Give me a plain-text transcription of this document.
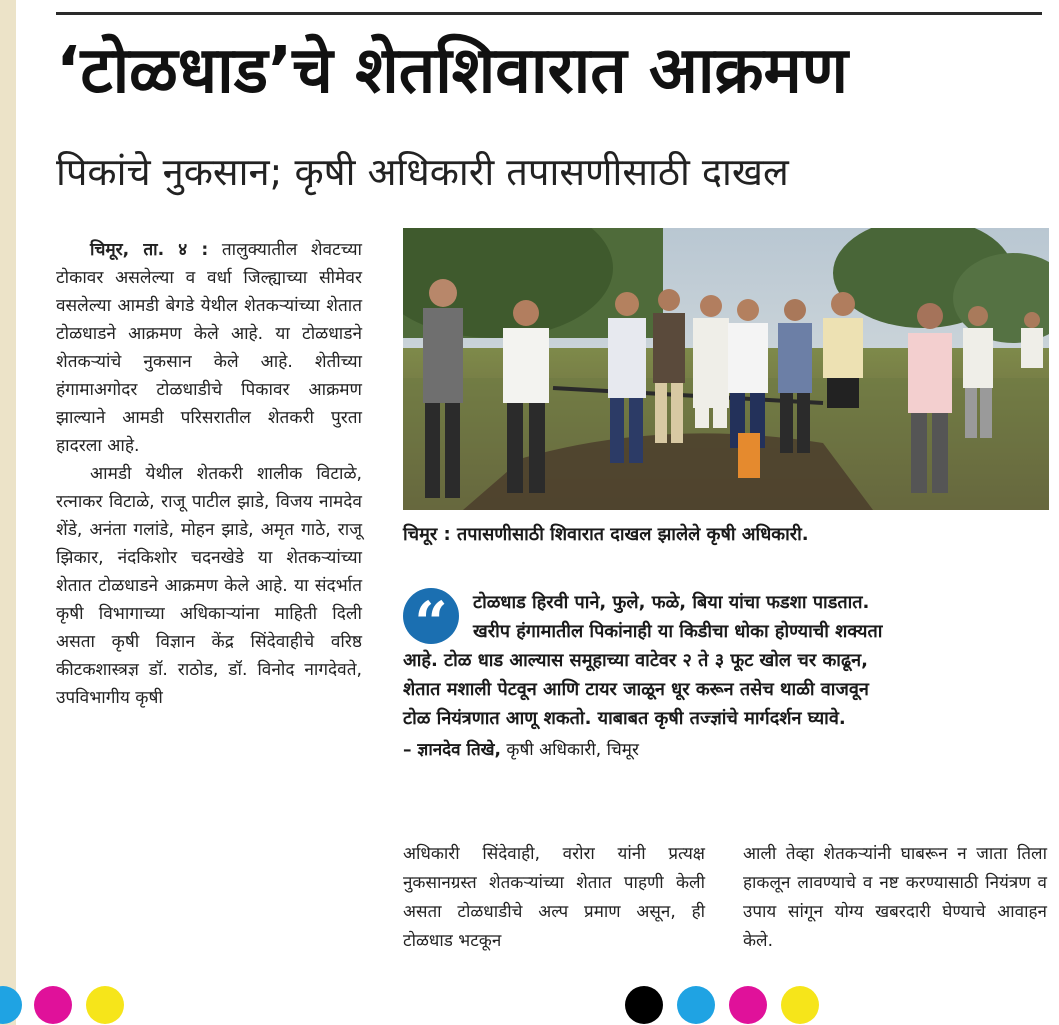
‘टोळधाड’चे शेतशिवारात आक्रमण
पिकांचे नुकसान; कृषी अधिकारी तपासणीसाठी दाखल

चिमूर, ता. ४ : तालुक्यातील शेवटच्या टोकावर असलेल्या व वर्धा जिल्ह्याच्या सीमेवर वसलेल्या आमडी बेगडे येथील शेतकऱ्यांच्या शेतात टोळधाडने आक्रमण केले आहे. या टोळधाडने शेतकऱ्यांचे नुकसान केले आहे. शेतीच्या हंगामाअगोदर टोळधाडीचे पिकावर आक्रमण झाल्याने आमडी परिसरातील शेतकरी पुरता हादरला आहे.

आमडी येथील शेतकरी शालीक विटाळे, रत्नाकर विटाळे, राजू पाटील झाडे, विजय नामदेव शेंडे, अनंता गलांडे, मोहन झाडे, अमृत गाठे, राजू झिकार, नंदकिशोर चदनखेडे या शेतकऱ्यांच्या शेतात टोळधाडने आक्रमण केले आहे. या संदर्भात कृषी विभागाच्या अधिकाऱ्यांना माहिती दिली असता कृषी विज्ञान केंद्र सिंदेवाहीचे वरिष्ठ कीटकशास्त्रज्ञ डॉ. राठोड, डॉ. विनोद नागदेवते, उपविभागीय कृषी

चिमूर : तपासणीसाठी शिवारात दाखल झालेले कृषी अधिकारी.
टोळधाड हिरवी पाने, फुले, फळे, बिया यांचा फडशा पाडतात.
खरीप हंगामातील पिकांनाही या किडीचा धोका होण्याची शक्यता
आहे. टोळ धाड आल्यास समूहाच्या वाटेवर २ ते ३ फूट खोल चर काढून,
शेतात मशाली पेटवून आणि टायर जाळून धूर करून तसेच थाळी वाजवून
टोळ नियंत्रणात आणू शकतो. याबाबत कृषी तज्ज्ञांचे मार्गदर्शन घ्यावे.
– ज्ञानदेव तिखे, कृषी अधिकारी, चिमूर
“

अधिकारी सिंदेवाही, वरोरा यांनी प्रत्यक्ष नुकसानग्रस्त शेतकऱ्यांच्या शेतात पाहणी केली असता टोळधाडीचे अल्प प्रमाण असून, ही टोळधाड भटकून

आली तेव्हा शेतकऱ्यांनी घाबरून न जाता तिला हाकलून लावण्याचे व नष्ट करण्यासाठी नियंत्रण व उपाय सांगून योग्य खबरदारी घेण्याचे आवाहन केले.
